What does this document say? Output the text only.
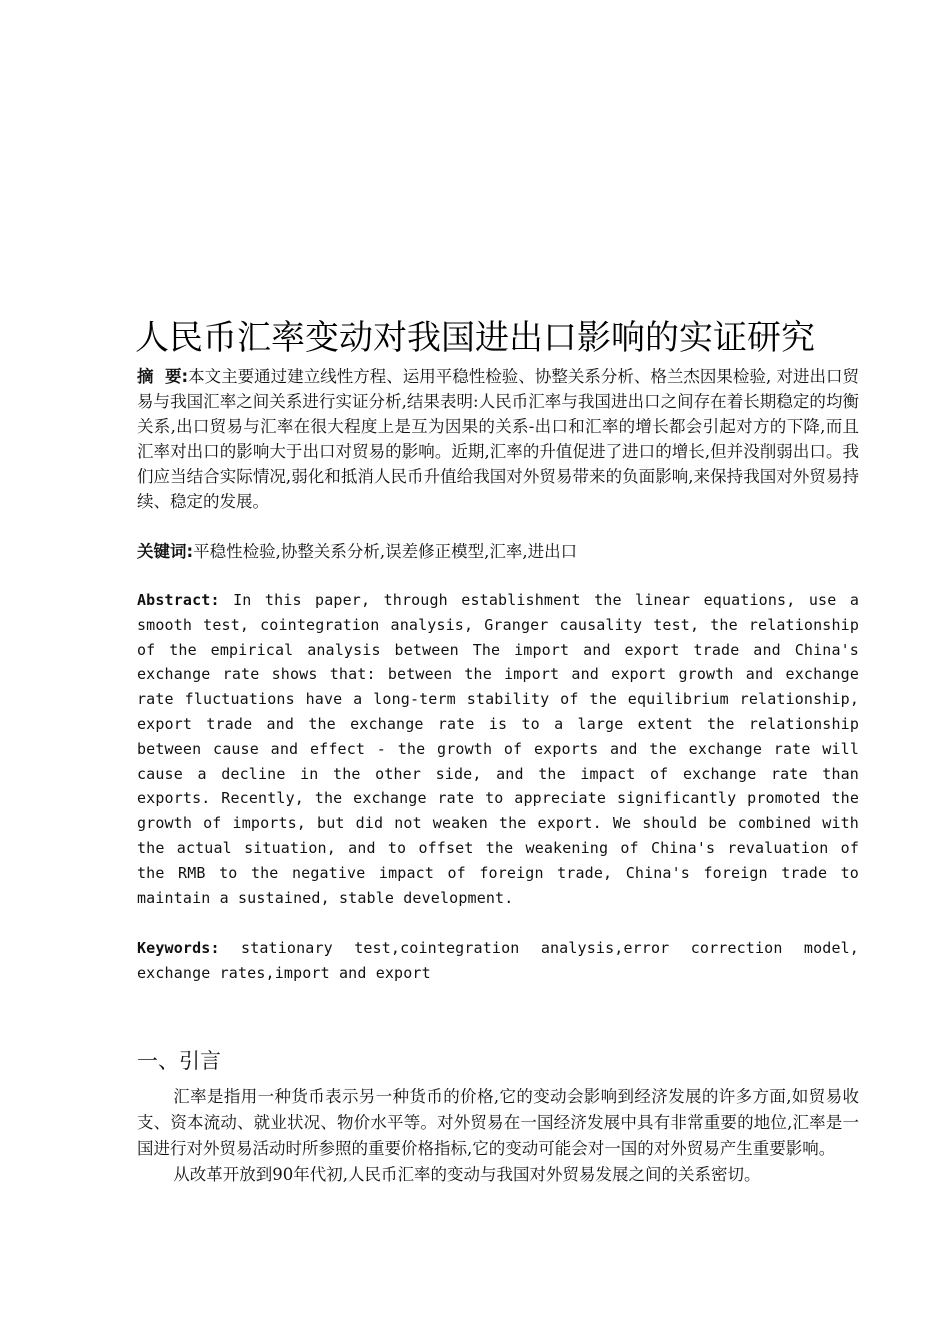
人民币汇率变动对我国进出口影响的实证研究
摘  要:本文主要通过建立线性方程、运用平稳性检验、协整关系分析、格兰杰因果检验, 对进出口贸易与我国汇率之间关系进行实证分析,结果表明:人民币汇率与我国进出口之间存在着长期稳定的均衡关系,出口贸易与汇率在很大程度上是互为因果的关系-出口和汇率的增长都会引起对方的下降,而且汇率对出口的影响大于出口对贸易的影响。近期,汇率的升值促进了进口的增长,但并没削弱出口。我们应当结合实际情况,弱化和抵消人民币升值给我国对外贸易带来的负面影响,来保持我国对外贸易持续、稳定的发展。
关键词:平稳性检验,协整关系分析,误差修正模型,汇率,进出口
Abstract: In this paper, through establishment the linear equations, use a smooth test, cointegration analysis, Granger causality test, the relationship of the empirical analysis between The import and export trade and China's exchange rate shows that: between the import and export growth and exchange rate fluctuations have a long-term stability of the equilibrium relationship, export trade and the exchange rate is to a large extent the relationship between cause and effect - the growth of exports and the exchange rate will cause a decline in the other side, and the impact of exchange rate than exports. Recently, the exchange rate to appreciate significantly promoted the growth of imports, but did not weaken the export. We should be combined with the actual situation, and to offset the weakening of China's revaluation of the RMB to the negative impact of foreign trade, China's foreign trade to maintain a sustained, stable development.
Keywords: stationary test,cointegration analysis,error correction model, exchange rates,import and export
一、引言
汇率是指用一种货币表示另一种货币的价格,它的变动会影响到经济发展的许多方面,如贸易收支、资本流动、就业状况、物价水平等。对外贸易在一国经济发展中具有非常重要的地位,汇率是一国进行对外贸易活动时所参照的重要价格指标,它的变动可能会对一国的对外贸易产生重要影响。
从改革开放到90年代初,人民币汇率的变动与我国对外贸易发展之间的关系密切。
